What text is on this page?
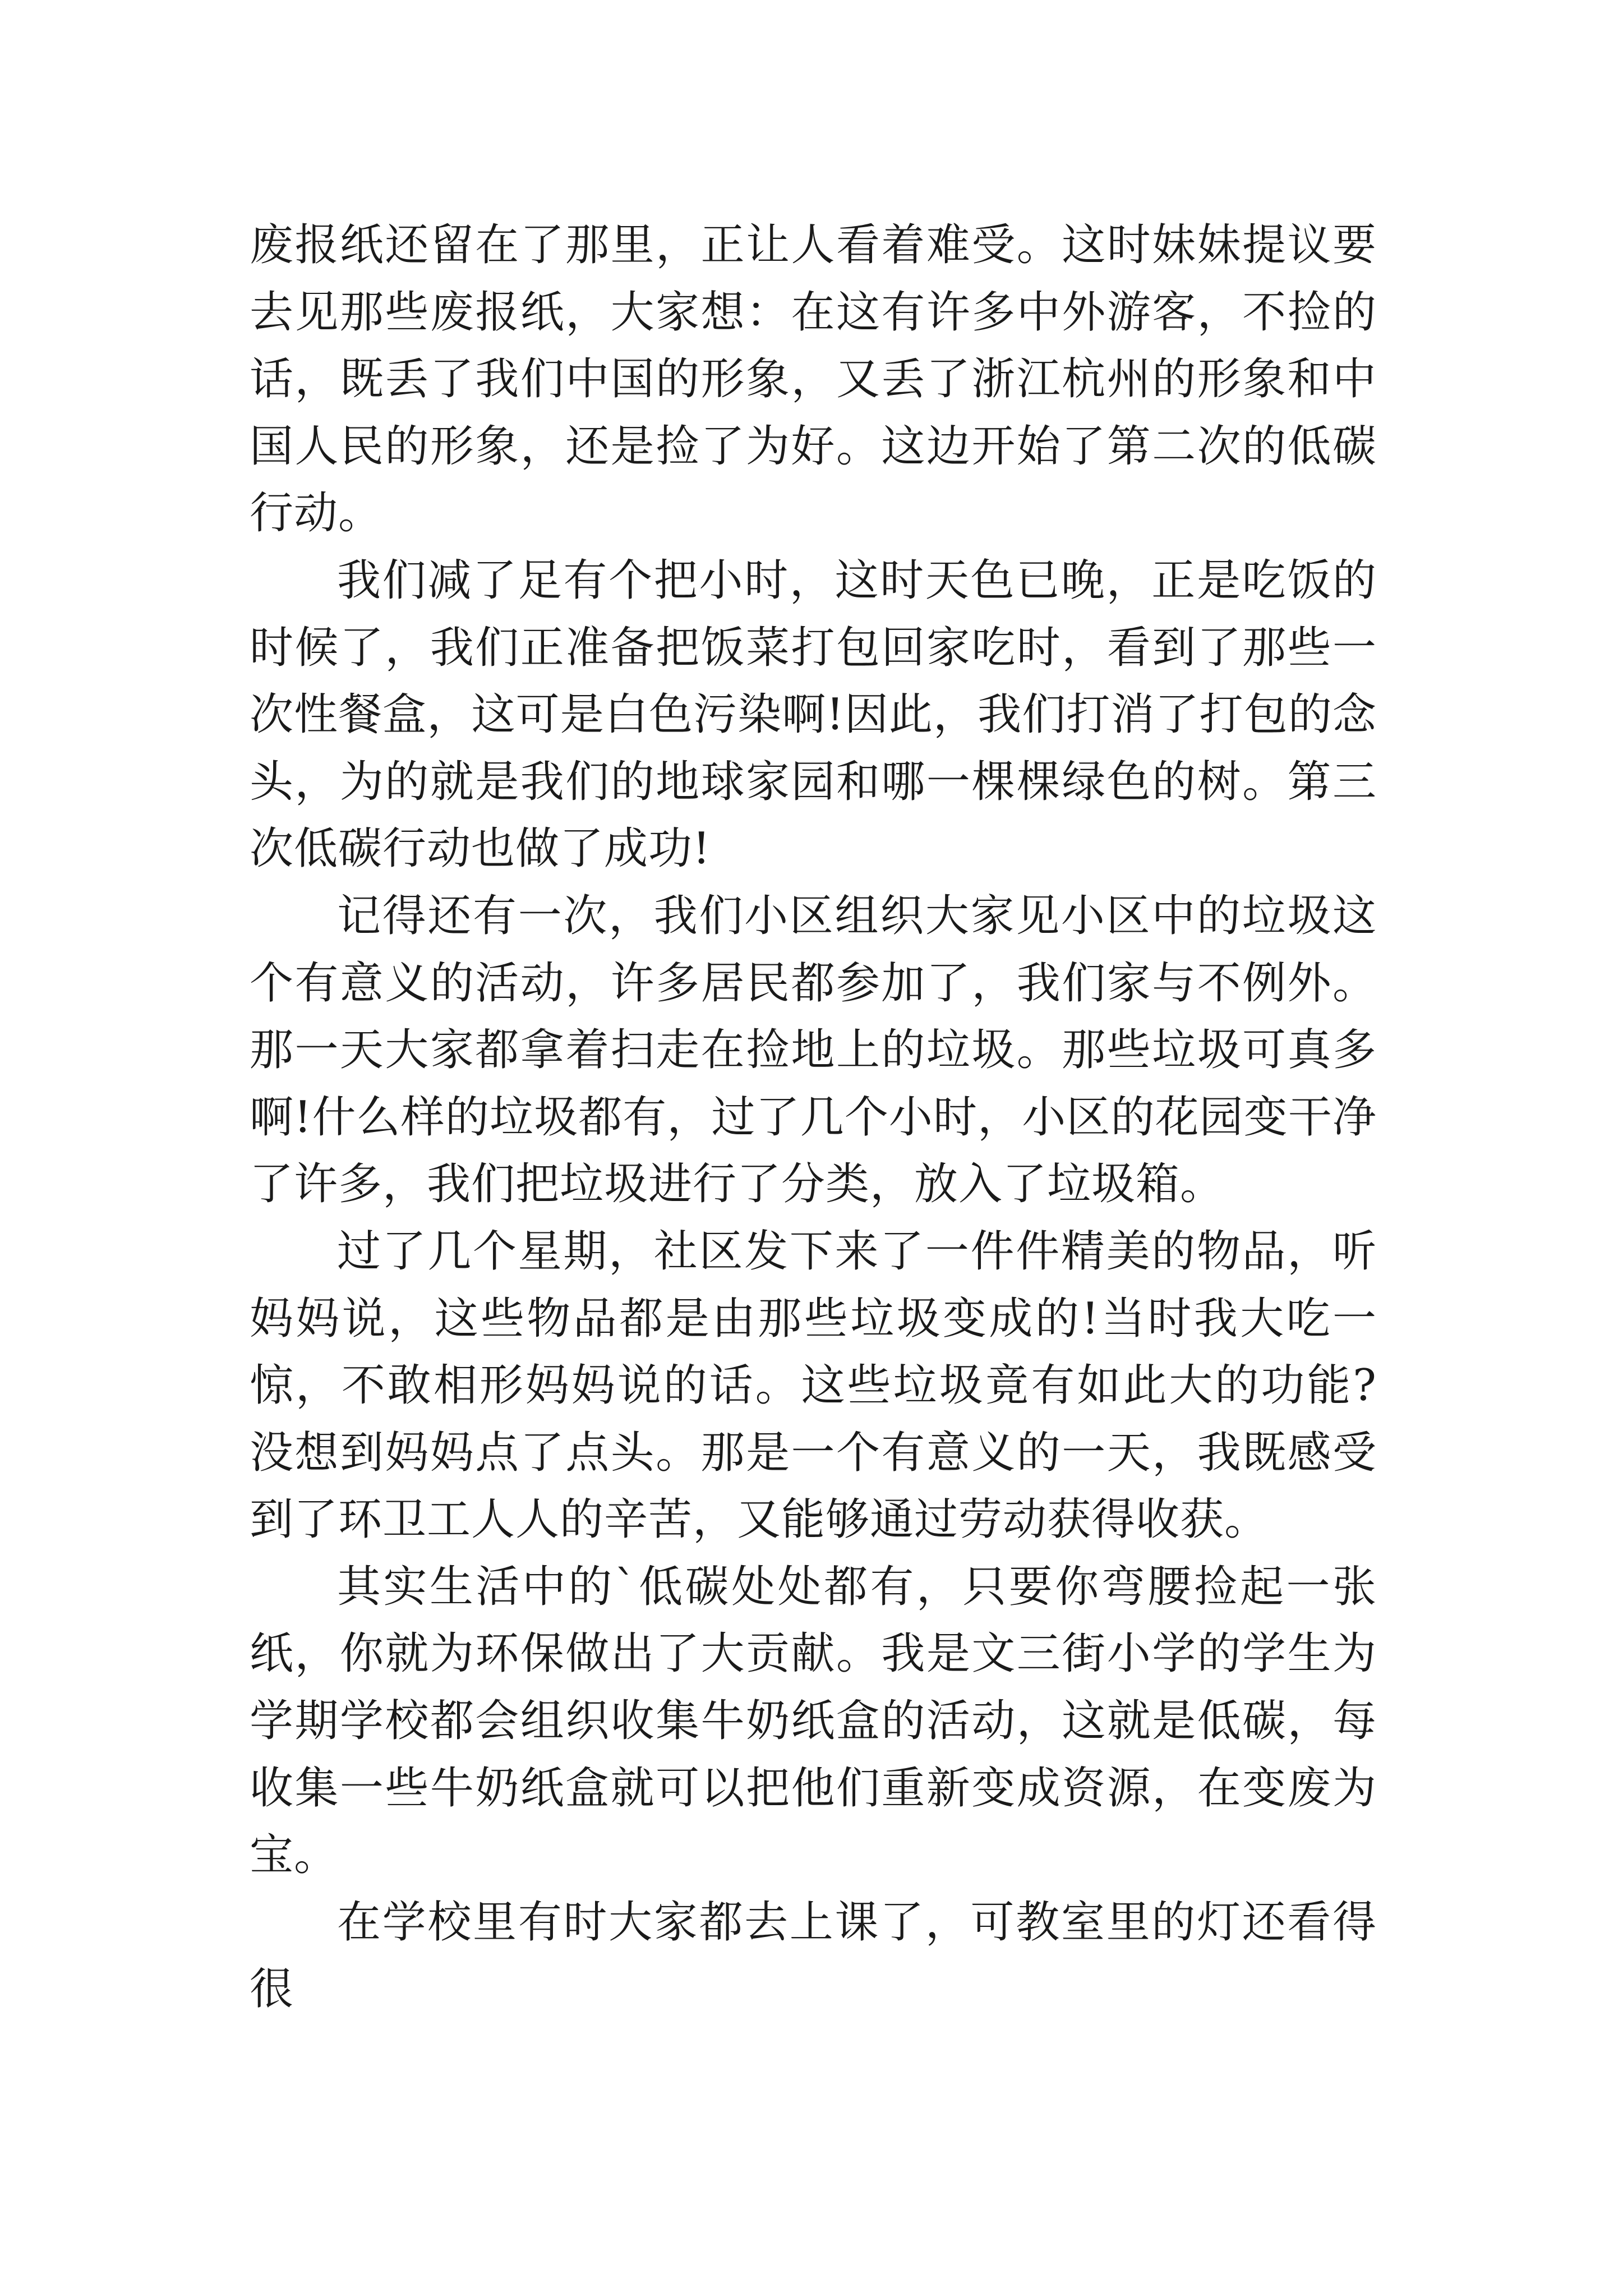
废报纸还留在了那里，正让人看着难受。这时妹妹提议要去见那些废报纸，大家想：在这有许多中外游客，不捡的话，既丢了我们中国的形象，又丢了浙江杭州的形象和中国人民的形象，还是捡了为好。这边开始了第二次的低碳行动。

我们减了足有个把小时，这时天色已晚，正是吃饭的时候了，我们正准备把饭菜打包回家吃时，看到了那些一次性餐盒，这可是白色污染啊!因此，我们打消了打包的念头，为的就是我们的地球家园和哪一棵棵绿色的树。第三次低碳行动也做了成功!

记得还有一次，我们小区组织大家见小区中的垃圾这个有意义的活动，许多居民都参加了，我们家与不例外。那一天大家都拿着扫走在捡地上的垃圾。那些垃圾可真多啊!什么样的垃圾都有，过了几个小时，小区的花园变干净了许多，我们把垃圾进行了分类，放入了垃圾箱。

过了几个星期，社区发下来了一件件精美的物品，听妈妈说，这些物品都是由那些垃圾变成的!当时我大吃一惊，不敢相形妈妈说的话。这些垃圾竟有如此大的功能?没想到妈妈点了点头。那是一个有意义的一天，我既感受到了环卫工人人的辛苦，又能够通过劳动获得收获。

其实生活中的`低碳处处都有，只要你弯腰捡起一张纸，你就为环保做出了大贡献。我是文三街小学的学生为学期学校都会组织收集牛奶纸盒的活动，这就是低碳，每收集一些牛奶纸盒就可以把他们重新变成资源，在变废为宝。

在学校里有时大家都去上课了，可教室里的灯还看得很
